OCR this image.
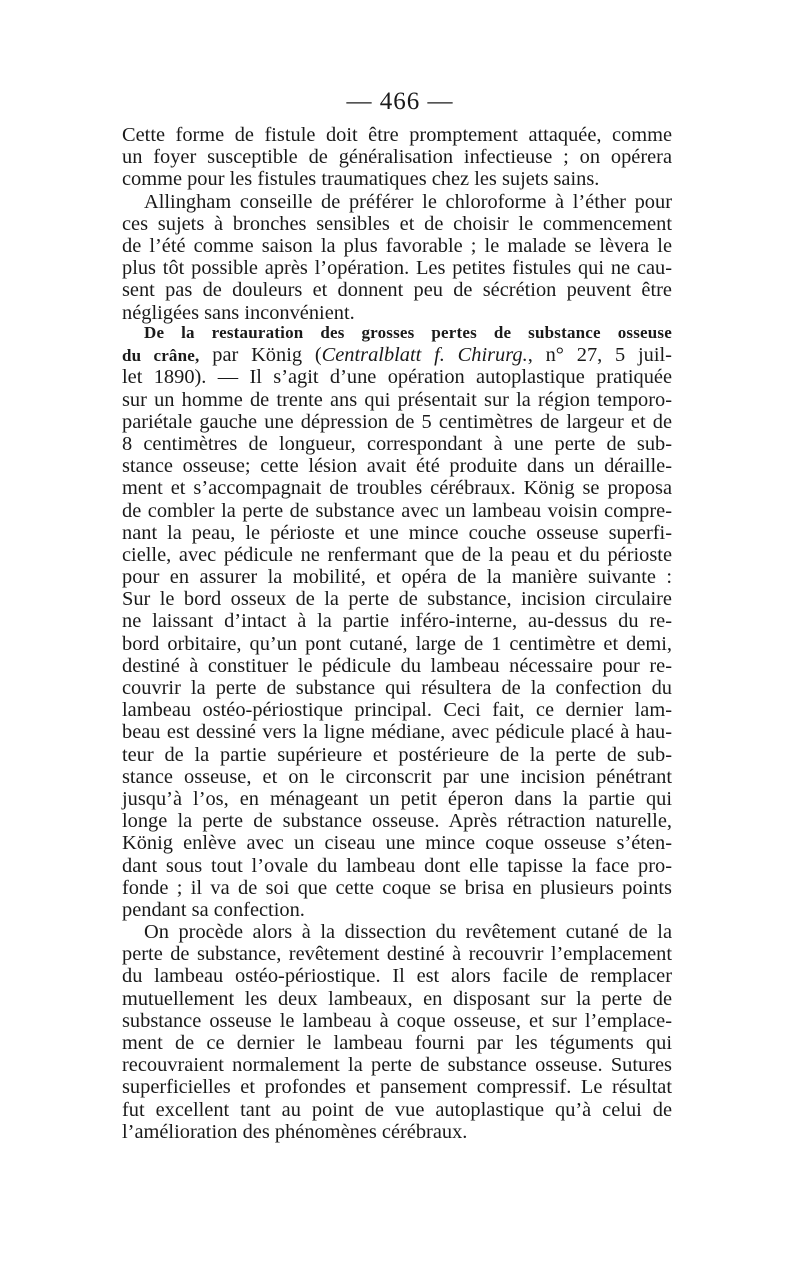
— 466 —
Cette forme de fistule doit être promptement attaquée, comme
un foyer susceptible de généralisation infectieuse ; on opérera
comme pour les fistules traumatiques chez les sujets sains.
Allingham conseille de préférer le chloroforme à l’éther pour
ces sujets à bronches sensibles et de choisir le commencement
de l’été comme saison la plus favorable ; le malade se lèvera le
plus tôt possible après l’opération. Les petites fistules qui ne cau-
sent pas de douleurs et donnent peu de sécrétion peuvent être
négligées sans inconvénient.
De la restauration des grosses pertes de substance osseuse
du crâne, par König (Centralblatt f. Chirurg., n° 27, 5 juil-
let 1890). — Il s’agit d’une opération autoplastique pratiquée
sur un homme de trente ans qui présentait sur la région temporo-
pariétale gauche une dépression de 5 centimètres de largeur et de
8 centimètres de longueur, correspondant à une perte de sub-
stance osseuse; cette lésion avait été produite dans un déraille-
ment et s’accompagnait de troubles cérébraux. König se proposa
de combler la perte de substance avec un lambeau voisin compre-
nant la peau, le périoste et une mince couche osseuse superfi-
cielle, avec pédicule ne renfermant que de la peau et du périoste
pour en assurer la mobilité, et opéra de la manière suivante :
Sur le bord osseux de la perte de substance, incision circulaire
ne laissant d’intact à la partie inféro-interne, au-dessus du re-
bord orbitaire, qu’un pont cutané, large de 1 centimètre et demi,
destiné à constituer le pédicule du lambeau nécessaire pour re-
couvrir la perte de substance qui résultera de la confection du
lambeau ostéo-périostique principal. Ceci fait, ce dernier lam-
beau est dessiné vers la ligne médiane, avec pédicule placé à hau-
teur de la partie supérieure et postérieure de la perte de sub-
stance osseuse, et on le circonscrit par une incision pénétrant
jusqu’à l’os, en ménageant un petit éperon dans la partie qui
longe la perte de substance osseuse. Après rétraction naturelle,
König enlève avec un ciseau une mince coque osseuse s’éten-
dant sous tout l’ovale du lambeau dont elle tapisse la face pro-
fonde ; il va de soi que cette coque se brisa en plusieurs points
pendant sa confection.
On procède alors à la dissection du revêtement cutané de la
perte de substance, revêtement destiné à recouvrir l’emplacement
du lambeau ostéo-périostique. Il est alors facile de remplacer
mutuellement les deux lambeaux, en disposant sur la perte de
substance osseuse le lambeau à coque osseuse, et sur l’emplace-
ment de ce dernier le lambeau fourni par les téguments qui
recouvraient normalement la perte de substance osseuse. Sutures
superficielles et profondes et pansement compressif. Le résultat
fut excellent tant au point de vue autoplastique qu’à celui de
l’amélioration des phénomènes cérébraux.
